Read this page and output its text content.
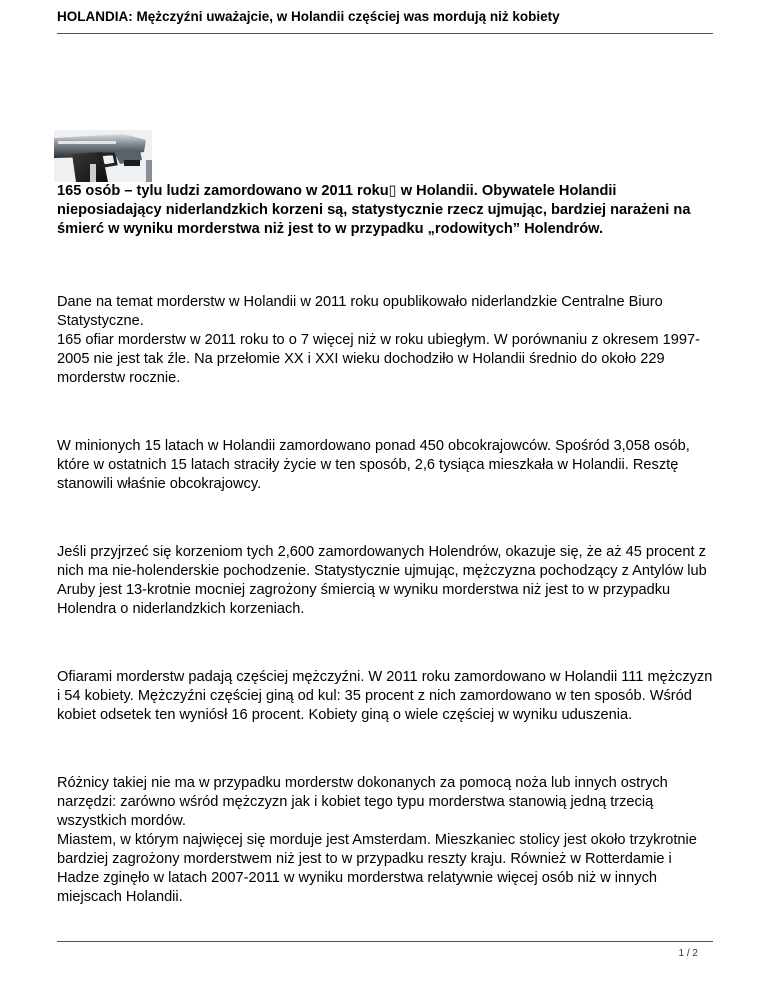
HOLANDIA: Mężczyźni uważajcie, w Holandii częściej was mordują niż kobiety

165 osób – tylu ludzi zamordowano w 2011 roku▯ w Holandii. Obywatele Holandii nieposiadający niderlandzkich korzeni są, statystycznie rzecz ujmując, bardziej narażeni na śmierć w wyniku morderstwa niż jest to w przypadku „rodowitych” Holendrów.

Dane na temat morderstw w Holandii w 2011 roku opublikowało niderlandzkie Centralne Biuro Statystyczne.

165 ofiar morderstw w 2011 roku to o 7 więcej niż w roku ubiegłym. W porównaniu z okresem 1997-2005 nie jest tak źle. Na przełomie XX i XXI wieku dochodziło w Holandii średnio do około 229 morderstw rocznie.

W minionych 15 latach w Holandii zamordowano ponad 450 obcokrajowców. Spośród 3,058 osób, które w ostatnich 15 latach straciły życie w ten sposób, 2,6 tysiąca mieszkała w Holandii. Resztę stanowili właśnie obcokrajowcy.

Jeśli przyjrzeć się korzeniom tych 2,600 zamordowanych Holendrów, okazuje się, że aż 45 procent z nich ma nie-holenderskie pochodzenie. Statystycznie ujmując, mężczyzna pochodzący z Antylów lub Aruby jest 13-krotnie mocniej zagrożony śmiercią w wyniku morderstwa niż jest to w przypadku Holendra o niderlandzkich korzeniach.

Ofiarami morderstw padają częściej mężczyźni. W 2011 roku zamordowano w Holandii 111 mężczyzn i 54 kobiety. Mężczyźni częściej giną od kul: 35 procent z nich zamordowano w ten sposób. Wśród kobiet odsetek ten wyniósł 16 procent. Kobiety giną o wiele częściej w wyniku uduszenia.

Różnicy takiej nie ma w przypadku morderstw dokonanych za pomocą noża lub innych ostrych narzędzi: zarówno wśród mężczyzn jak i kobiet tego typu morderstwa stanowią jedną trzecią wszystkich mordów.

Miastem, w którym najwięcej się morduje jest Amsterdam. Mieszkaniec stolicy jest około trzykrotnie bardziej zagrożony morderstwem niż jest to w przypadku reszty kraju. Również w Rotterdamie i Hadze zginęło w latach 2007-2011 w wyniku morderstwa relatywnie więcej osób niż w innych miejscach Holandii.

1 / 2
